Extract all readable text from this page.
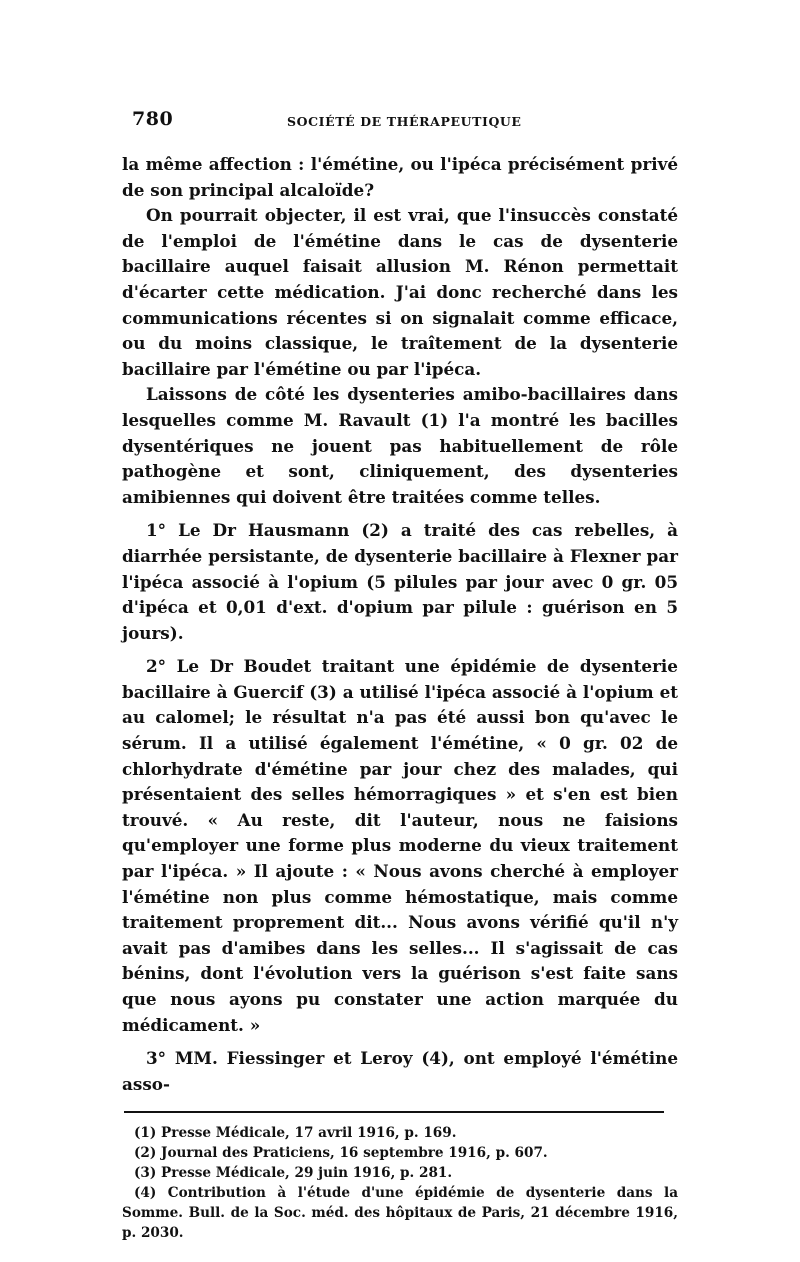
780	SOCIÉTÉ DE THÉRAPEUTIQUE

la même affection : l'émétine, ou l'ipéca précisément privé de son principal alcaloïde?

On pourrait objecter, il est vrai, que l'insuccès constaté de l'emploi de l'émétine dans le cas de dysenterie bacillaire auquel faisait allusion M. Rénon permettait d'écarter cette médication. J'ai donc recherché dans les communications récentes si on signalait comme efficace, ou du moins classique, le traîtement de la dysenterie bacillaire par l'émétine ou par l'ipéca.

Laissons de côté les dysenteries amibo-bacillaires dans lesquelles comme M. Ravault (1) l'a montré les bacilles dysentériques ne jouent pas habituellement de rôle pathogène et sont, cliniquement, des dysenteries amibiennes qui doivent être traitées comme telles.

1° Le Dr Hausmann (2) a traité des cas rebelles, à diarrhée persistante, de dysenterie bacillaire à Flexner par l'ipéca associé à l'opium (5 pilules par jour avec 0 gr. 05 d'ipéca et 0,01 d'ext. d'opium par pilule : guérison en 5 jours).

2° Le Dr Boudet traitant une épidémie de dysenterie bacillaire à Guercif (3) a utilisé l'ipéca associé à l'opium et au calomel; le résultat n'a pas été aussi bon qu'avec le sérum. Il a utilisé également l'émétine, « 0 gr. 02 de chlorhydrate d'émétine par jour chez des malades, qui présentaient des selles hémorragiques » et s'en est bien trouvé. « Au reste, dit l'auteur, nous ne faisions qu'employer une forme plus moderne du vieux traitement par l'ipéca. » Il ajoute : « Nous avons cherché à employer l'émétine non plus comme hémostatique, mais comme traitement proprement dit... Nous avons vérifié qu'il n'y avait pas d'amibes dans les selles... Il s'agissait de cas bénins, dont l'évolution vers la guérison s'est faite sans que nous ayons pu constater une action marquée du médicament. »

3° MM. Fiessinger et Leroy (4), ont employé l'émétine asso-

(1) Presse Médicale, 17 avril 1916, p. 169.

(2) Journal des Praticiens, 16 septembre 1916, p. 607.

(3) Presse Médicale, 29 juin 1916, p. 281.

(4) Contribution à l'étude d'une épidémie de dysenterie dans la Somme. Bull. de la Soc. méd. des hôpitaux de Paris, 21 décembre 1916, p. 2030.
